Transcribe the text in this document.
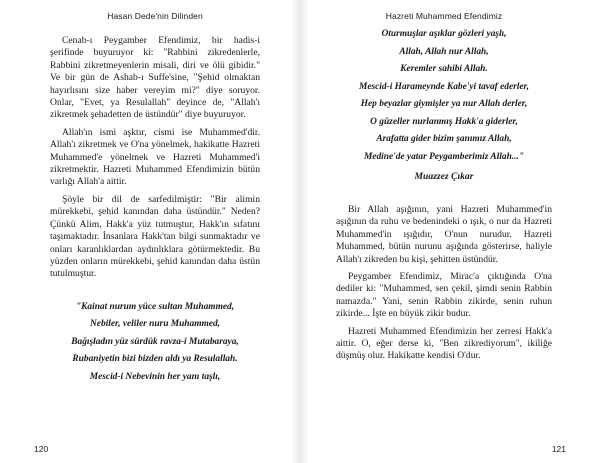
Hasan Dede'nin Dilinden

Cenab-ı Peygamber Efendimiz, bir hadis-i şerifinde buyuruyor ki: "Rabbini zikredenlerle, Rabbini zikretmeyenlerin misali, diri ve ölü gibidir." Ve bir gün de Ashab-ı Suffe'sine, "Şehid olmaktan hayırlısını size haber vereyim mi?" diye soruyor. Onlar, "Evet, ya Resulallah" deyince de, "Allah'ı zikretmek şehadetten de üstündür" diye buyuruyor.

Allah'ın ismi aşktır, cismi ise Muhammed'dir. Allah'ı zikretmek ve O'na yönelmek, hakikatte Hazreti Muhammed'e yönelmek ve Hazreti Muhammed'i zikretmektir. Hazreti Muhammed Efendimizin bütün varlığı Allah'a aittir.

Şöyle bir dil de sarfedilmiştir: "Bir alimin mürekkebi, şehid kanından daha üstündür." Neden? Çünkü Alim, Hakk'a yüz tutmuştur, Hakk'ın sıfatını taşımaktadır. İnsanlara Hakk'tan bilgi sunmaktadır ve onları karanlıklardan aydınlıklara götürmektedir. Bu yüzden onların mürekkebi, şehid kanından daha üstün tutulmuştur.

"Kainat nurum yüce sultan Muhammed,
Nebiler, veliler nuru Muhammed,
Bağışladın yüz sürdük ravza-i Mutabaraya,
Rubaniyetin bizi bizden aldı ya Resulallah.
Mescid-i Nebevinin her yanı taşlı,
120
Hazreti Muhammed Efendimiz
Oturmuşlar aşıklar gözleri yaşlı,
Allah, Allah nur Allah,
Keremler sahibi Allah.
Mescid-i Harameynde Kabe'yi tavaf ederler,
Hep beyazlar giymişler ya nur Allah derler,
O güzeller nurlanmış Hakk'a giderler,
Arafatta gider bizim şanımız Allah,
Medine'de yatar Peygamberimiz Allah..."
Muazzez Çıkar

Bir Allah aşığının, yani Hazreti Muhammed'in aşığının da ruhu ve bedenindeki o ışık, o nur da Hazreti Muhammed'in ışığıdır, O'nun nurudur. Hazreti Muhammed, bütün nurunu aşığında gösterirse, haliyle Allah'ı zikreden bu kişi, şehitten üstündür.

Peygamber Efendimiz, Mirac'a çıktığında O'na dediler ki: "Muhammed, sen çekil, şimdi senin Rabbin namazda." Yani, senin Rabbin zikirde, senin ruhun zikirde... İşte en büyük zikir budur.

Hazreti Muhammed Efendimizin her zerresi Hakk'a aittir. O, eğer derse ki, "Ben zikrediyorum", ikiliğe düşmüş olur. Hakikatte kendisi O'dur.

121
